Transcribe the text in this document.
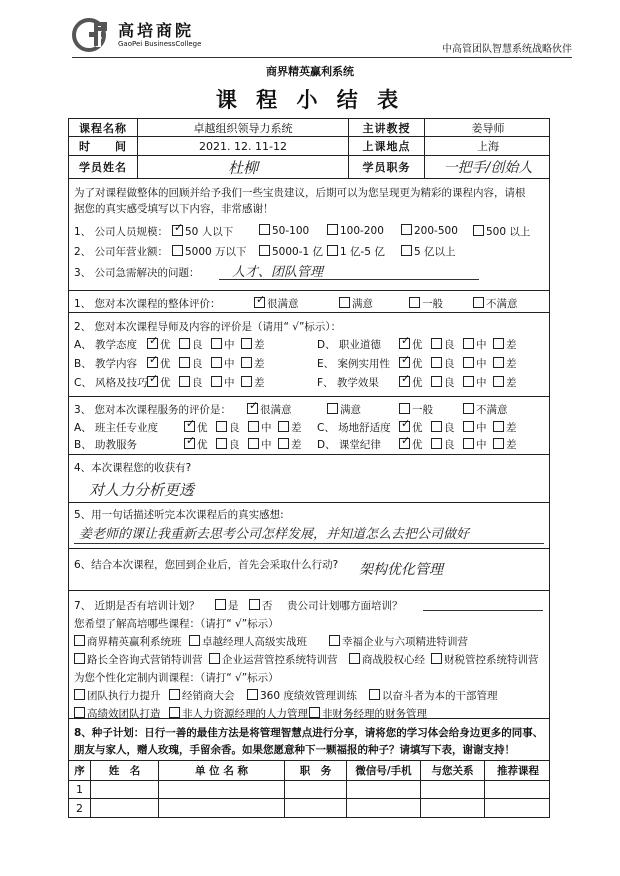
高培商院
GaoPei BusinessCollege	中高管团队智慧系统战略伙伴
商界精英赢利系统
课 程 小 结 表
课程名称	卓越组织领导力系统	主讲教授	姜导师
时　　间	2021. 12. 11-12	上课地点	上海
学员姓名	杜柳	学员职务	一把手/创始人
为了对课程做整体的回顾并给予我们一些宝贵建议，后期可以为您呈现更为精彩的课程内容，请根
据您的真实感受填写以下内容，非常感谢！
1、 公司人员规模： ✓ 50 人以下	50-100	100-200	200-500	500 以上
2、 公司年营业额：	5000 万以下	5000-1 亿	1 亿-5 亿	5 亿以上
3、 公司急需解决的问题： 人才、团队管理
1、 您对本次课程的整体评价：	✓ 很满意	满意	一般	不满意
2、 您对本次课程导师及内容的评价是（请用“ √”标示）：
A、 教学态度 ✓ 优	良	中	差
B、 教学内容 ✓ 优	良	中	差
C、 风格及技巧 ✓ 优	良	中	差
D、 职业道德 ✓ 优	良	中	差
E、 案例实用性 ✓ 优	良	中	差
F、 教学效果 ✓ 优	良	中	差
3、 您对本次课程服务的评价是： ✓ 很满意	满意	一般	不满意
A、 班主任专业度	✓ 优	良	中	差
B、 助教服务	✓ 优	良	中	差
C、 场地舒适度 ✓ 优	良	中	差
D、 课堂纪律 ✓ 优	良	中	差
4、本次课程您的收获有?
对人力分析更透
5、用一句话描述听完本次课程后的真实感想:
姜老师的课让我重新去思考公司怎样发展，并知道怎么去把公司做好
6、结合本次课程，您回到企业后，首先会采取什么行动? 架构优化管理
7、 近期是否有培训计划？	是	否 贵公司计划哪方面培训？
您希望了解高培哪些课程：（请打“ √”标示）
为您个性化定制内训课程：（请打“ √”标示）
商界精英赢利系统班	卓越经理人高级实战班	幸福企业与六项精进特训营
路长全咨询式营销特训营	企业运营管控系统特训营	商战股权心经	财税管控系统特训营
团队执行力提升	经销商大会	360 度绩效管理训练	以奋斗者为本的干部管理
高绩效团队打造	非人力资源经理的人力管理	非财务经理的财务管理
8、种子计划：日行一善的最佳方法是将管理智慧点进行分享，请将您的学习体会给身边更多的同事、
朋友与家人，赠人玫瑰，手留余香。如果您愿意种下一颗福报的种子？请填写下表，谢谢支持！
序	姓　名	单 位 名 称	职　务	微信号/手机	与您关系	推荐课程
1
2
